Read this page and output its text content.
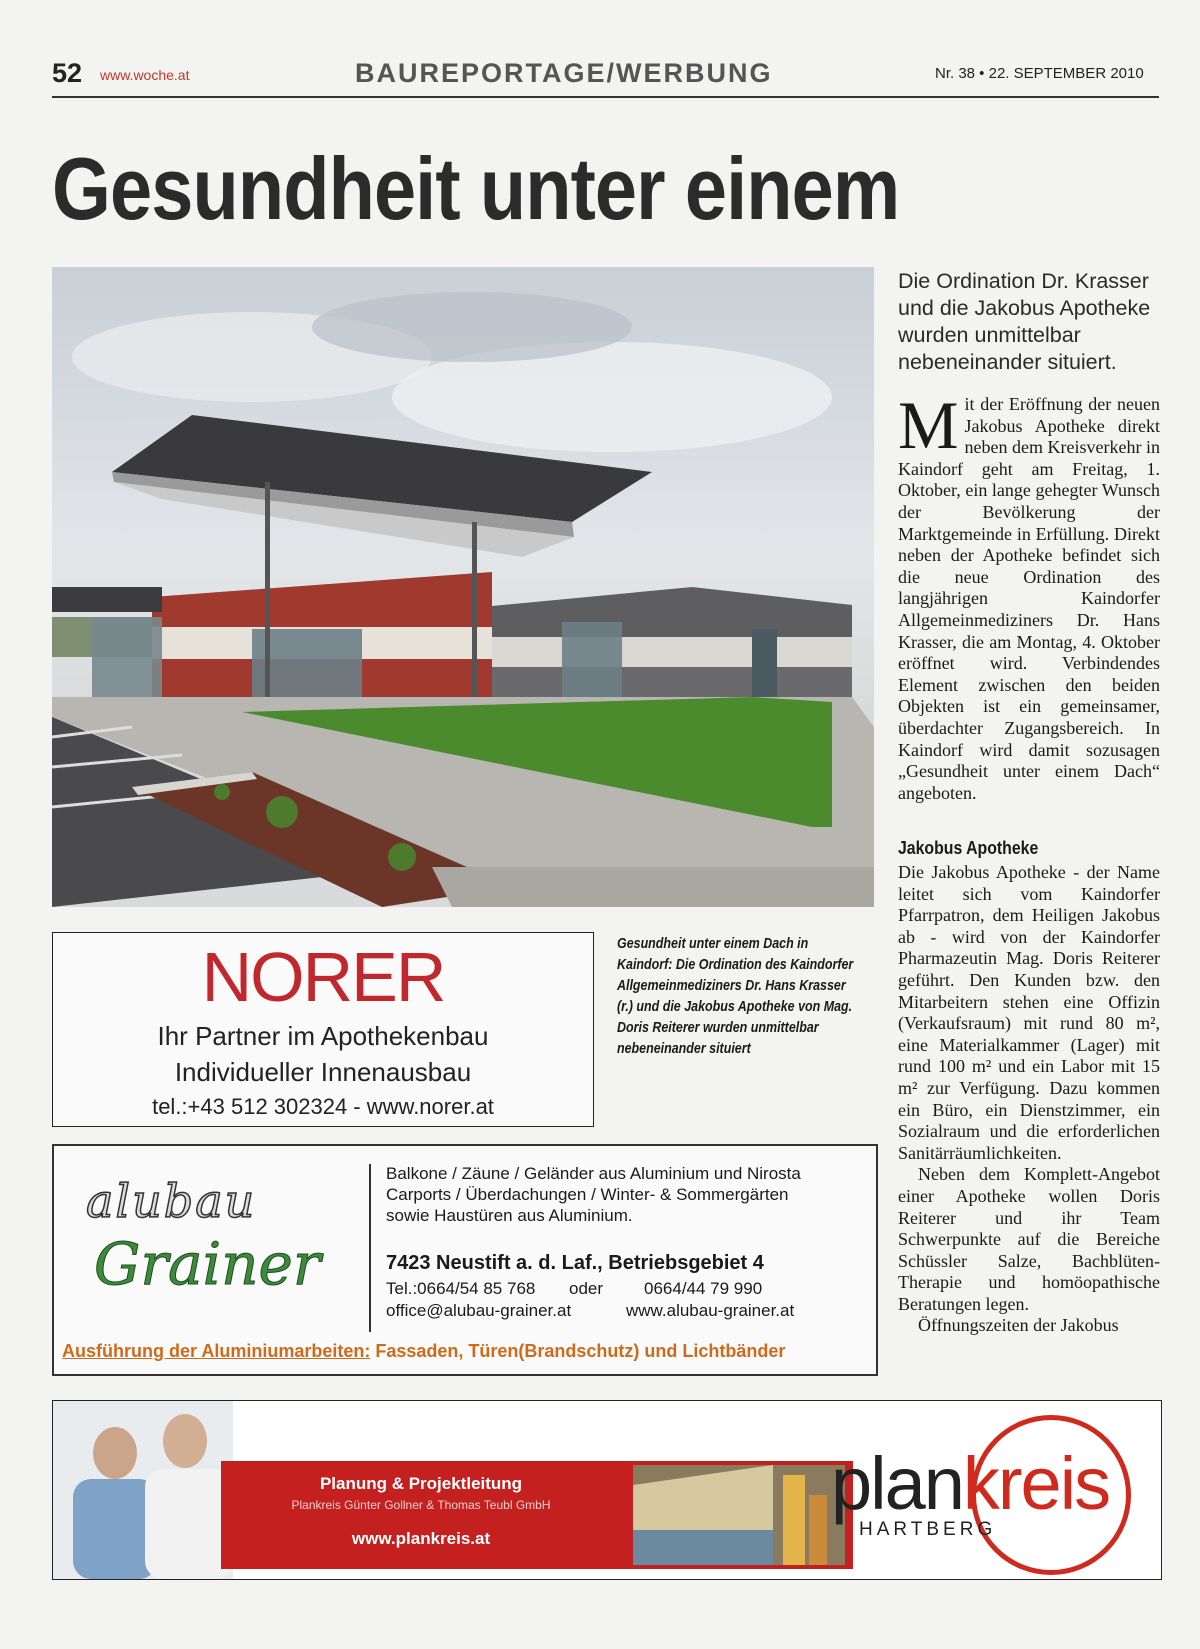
52 www.woche.at	BAUREPORTAGE/WERBUNG	Nr. 38 • 22. SEPTEMBER 2010
Gesundheit unter einem
Die Ordination Dr. Krasser und die Jakobus Apotheke wurden unmittelbar nebeneinander situiert.
Mit der Eröffnung der neuen Jakobus Apotheke direkt neben dem Kreisverkehr in Kaindorf geht am Freitag, 1. Oktober, ein lange gehegter Wunsch der Bevölkerung der Marktgemeinde in Erfüllung. Direkt neben der Apotheke befindet sich die neue Ordination des langjährigen Kaindorfer Allgemeinmediziners Dr. Hans Krasser, die am Montag, 4. Oktober eröffnet wird. Verbindendes Element zwischen den beiden Objekten ist ein gemeinsamer, überdachter Zugangsbereich. In Kaindorf wird damit sozusagen „Gesundheit unter einem Dach“ angeboten.
Jakobus Apotheke

Die Jakobus Apotheke - der Name leitet sich vom Kaindorfer Pfarrpatron, dem Heiligen Jakobus ab - wird von der Kaindorfer Pharmazeutin Mag. Doris Reiterer geführt. Den Kunden bzw. den Mitarbeitern stehen eine Offizin (Verkaufsraum) mit rund 80 m², eine Materialkammer (Lager) mit rund 100 m² und ein Labor mit 15 m² zur Verfügung. Dazu kommen ein Büro, ein Dienstzimmer, ein Sozialraum und die erforderlichen Sanitärräumlichkeiten.

Neben dem Komplett-Angebot einer Apotheke wollen Doris Reiterer und ihr Team Schwerpunkte auf die Bereiche Schüssler Salze, Bachblüten-Therapie und homöopathische Beratungen legen.

Öffnungszeiten der Jakobus

Gesundheit unter einem Dach in Kaindorf: Die Ordination des Kaindorfer Allgemeinmediziners Dr. Hans Krasser (r.) und die Jakobus Apotheke von Mag. Doris Reiterer wurden unmittelbar nebeneinander situiert
NORER
Ihr Partner im Apothekenbau
Individueller Innenausbau
tel.:+43 512 302324 - www.norer.at
alubau
Grainer
Balkone / Zäune / Geländer aus Aluminium und Nirosta
Carports / Überdachungen / Winter- & Sommergärten
sowie Haustüren aus Aluminium.
7423 Neustift a. d. Laf., Betriebsgebiet 4
Tel.:0664/54 85 768 oder 0664/44 79 990
office@alubau-grainer.at	www.alubau-grainer.at
Ausführung der Aluminiumarbeiten: Fassaden, Türen(Brandschutz) und Lichtbänder
Planung & Projektleitung
Plankreis Günter Gollner & Thomas Teubl GmbH
www.plankreis.at
plankreis
HARTBERG
